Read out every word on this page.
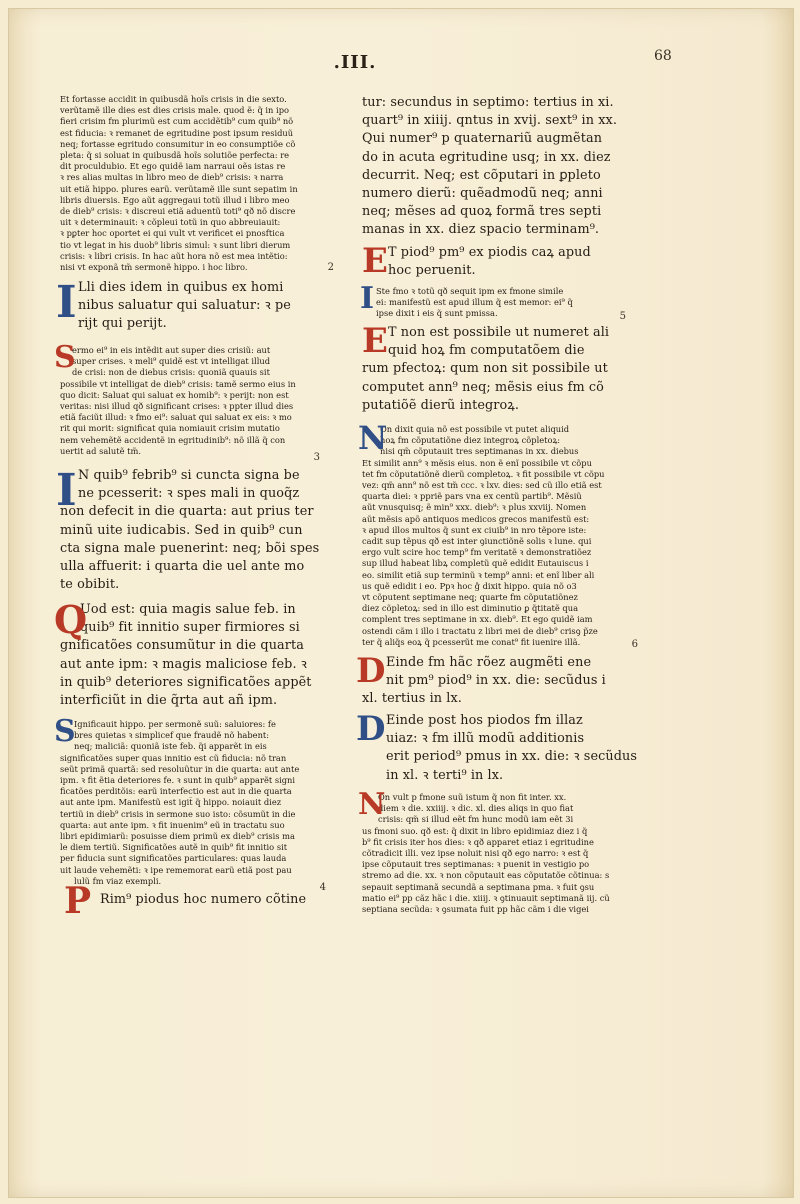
.III.	68
Et fortasse accidit in quibusdã hoĩs crisis in die sexto.
verũtamẽ ille dies est dies crisis male. quod ẽ: q̃ in ipo
fieri crisim fm plurimũ est cum accidẽtib⁹ cum quib⁹ nõ
est fiducia: ꝛ remanet de egritudine post ipsum residuũ
neq; fortasse egritudo consumitur in eo consumptiõe cõ
pleta: q̃ si soluat in quibusdã hoĩs solutiõe perfecta: re
dit proculdubio. Et ego quidẽ iam narraui oẽs istas re
ꝛ res alias multas in libro meo de dieb⁹ crisis: ꝛ narra
uit etiã hippo. plures earũ. verũtamẽ ille sunt sepatim in
libris diuersis. Ego aũt aggregaui totũ illud i libro meo
de dieb⁹ crisis: ꝛ discreui etiã aduentũ toti⁹ qð nõ discre
uit ꝛ determinauit: ꝛ cõpleui totũ in quo abbreuiauit:
ꝛ pꝑter hoc oportet ei qui vult vt verificet ei pnosftica
tio vt legat in his duob⁹ libris simul: ꝛ sunt libri dierum
crisis: ꝛ libri crisis. In hac aũt hora nõ est mea intẽtio:
nisi vt exponã tm̃ sermonẽ hippo. i hoc libro.	2
I Lli dies idem in quibus ex homi
nibus saluatur qui saluatur: ꝛ pe
rijt qui perijt.
S
ermo ei⁹ in eis intẽdit aut super dies crisiũ: aut
super crises. ꝛ meli⁹ quidẽ est vt intelligat illud
de crisi: non de diebus crisis: quoniã quauis sit
possibile vt intelligat de dieb⁹ crisis: tamẽ sermo eius in
quo dicit: Saluat qui saluat ex homib⁹: ꝛ perijt: non est
veritas: nisi illud qð significant crises: ꝛ ppter illud dies
etiã faciũt illud: ꝛ fmo ei⁹: saluat qui saluat ex eis: ꝛ mo
rit qui morit: significat quia nomiauit crisim mutatio
nem vehemẽtẽ accidentẽ in egritudinib⁹: nõ illã q̃ con
uertit ad salutẽ tm̃.
3
I N quib⁹ febrib⁹ si cuncta signa be
ne pcesserit: ꝛ spes mali in quoq̃z
non defecit in die quarta: aut prius ter
minũ uite iudicabis. Sed in quib⁹ cun
cta signa male puenerint: neq; bõi spes
ulla affuerit: i quarta die uel ante mo
te obibit.
Q
Uod est: quia magis salue feb. in
quib⁹ fit innitio super firmiores si
gnificatões consumũtur in die quarta
aut ante ipm: ꝛ magis maliciose feb. ꝛ
in quib⁹ deteriores significatões appẽt
interficiũt in die q̃rta aut añ ipm.
S
Ignificauit hippo. per sermonẽ suũ: saluiores: fe
bres quietas ꝛ simplicef que fraudẽ nõ habent:
neq; maliciã: quoniã iste feb. q̃i apparẽt in eis
significatões super quas innitio est cũ fiducia: nõ tran
seũt primã quartã: sed resoluũtur in die quarta: aut ante
ipm. ꝛ fit ẽtia deteriores fe. ꝛ sunt in quib⁹ apparẽt signi
ficatões perditõis: earũ interfectio est aut in die quarta
aut ante ipm. Manifestũ est igit̃ q̃ hippo. noiauit diez
tertiũ in dieb⁹ crisis in sermone suo isto: cõsumũt in die
quarta: aut ante ipm. ꝛ fit inuenim⁹ eũ in tractatu suo
libri epidimiarũ: posuisse diem primũ ex dieb⁹ crisis ma
le diem tertiũ. Significatões autẽ in quib⁹ fit innitio sit
per fiducia sunt significatões particulares: quas lauda
uit laude vehemẽti: ꝛ ipe rememorat earũ etiã post pau
lulũ fm viaz exempli.
4
P Rim⁹ piodus hoc numero cõtine
tur: secundus in septimo: tertius in xi.
quart⁹ in xiiij. qntus in xvij. sext⁹ in xx.
Qui numer⁹ p quaternariũ augmẽtan
do in acuta egritudine usq; in xx. diez
decurrit. Neq; est cõputari in ꝑpleto
numero dierũ: quẽadmodũ neq; anni
neq; mẽses ad quoꝝ formã tres septi
manas in xx. diez spacio terminam⁹.
E T piod⁹ pm⁹ ex piodis caꝝ apud
hoc peruenit.
I Ste fmo ꝛ totũ qð sequit ipm ex fmone simile
ei: manifestũ est apud illum q̃ est memor: ei⁹ q̃
ipse dixit i eis q̃ sunt pmissa.	5
E T non est possibile ut numeret ali
quid hoꝝ fm computatõem die
rum pfectoꝝ: qum non sit possibile ut
computet ann⁹ neq; mẽsis eius fm cõ
putatiõẽ dierũ integroꝝ.
N
On dixit quia nõ est possibile vt putet aliquid
hoꝝ fm cõputatiõne diez integroꝝ cõpletoꝝ:
nisi qm̃ cõputauit tres septimanas in xx. diebus
Et similit ann⁹ ꝛ mẽsis eius. non ẽ enĩ possibile vt cõpu
tet fm cõputatiõnẽ dierũ completoꝝ. ꝛ fit possibile vt cõpu
vez: qm̃ ann⁹ nõ est tm̃ ccc. ꝛ lxv. dies: sed cũ illo etiã est
quarta diei: ꝛ ppriẽ pars vna ex centũ partib⁹. Mẽsiũ
aũt vnusquisq; ẽ min⁹ xxx. dieb⁹: ꝛ plus xxviij. Nomen
aũt mẽsis apõ antiquos medicos grecos manifestũ est:
ꝛ apud illos multos q̃ sunt ex ciuib⁹ in nro tẽpore iste:
cadit sup tẽpus qð est inter ꝯiunctiõnẽ solis ꝛ lune. qui
ergo vult scire hoc temp⁹ fm veritatẽ ꝛ demonstratiõez
sup illud habeat libꝝ completũ quẽ edidit Eutauiscus i
eo. similit etiã sup terminũ ꝛ temp⁹ anni: et enĩ liber ali
us quẽ edidit i eo. Ppꝛ hoc ĝ dixit hippo. quia nõ o3
vt cõputent septimane neq; quarte fm cõputatiõnez
diez cõpletoꝝ: sed in illo est diminutio ꝑ q̃titatẽ qua
complent tres septimane in xx. dieb⁹. Et ego quidẽ iam
ostendi cãm i illo i tractatu z libri mei de dieb⁹ crisꝯ p̃ze
ter q̃ aliq̃s eoꝝ q̃ pcesserũt me conat⁹ fit iuenire illã.	6
D Einde fm hãc rõez augmẽti ene
nit pm⁹ piod⁹ in xx. die: secũdus i
xl. tertius in lx.
D Einde post hos piodos fm illaz
uiaz: ꝛ fm illũ modũ additionis
erit period⁹ pmus in xx. die: ꝛ secũdus
in xl. ꝛ terti⁹ in lx.
N
On vult p fmone suũ istum q̃ non fit inter. xx.
diem ꝛ die. xxiiij. ꝛ dic. xl. dies aliqs in quo fiat
crisis: qm̃ si illud eẽt fm hunc modũ iam eẽt 3i
us fmoni suo. qð est: q̃ dixit in libro epidimiaz diez i q̃
b⁹ fit crisis iter hos dies: ꝛ qð apparet etiaz i egritudine
cõtradicit illi. vez ipse noluit nisi qð ego narro: ꝛ est q̃
ipse cõputauit tres septimanas: ꝛ puenit in vestigio po
stremo ad die. xx. ꝛ non cõputauit eas cõputatõe cõtinua: s
sepauit septimanã secundã a septimana pma. ꝛ fuit ꝯsu
matio ei⁹ pp cãz hãc i die. xiiij. ꝛ ꝯtinuauit septimanã iij. cũ
septiana secũda: ꝛ ꝯsumata fuit pp hãc cãm i die vigei
